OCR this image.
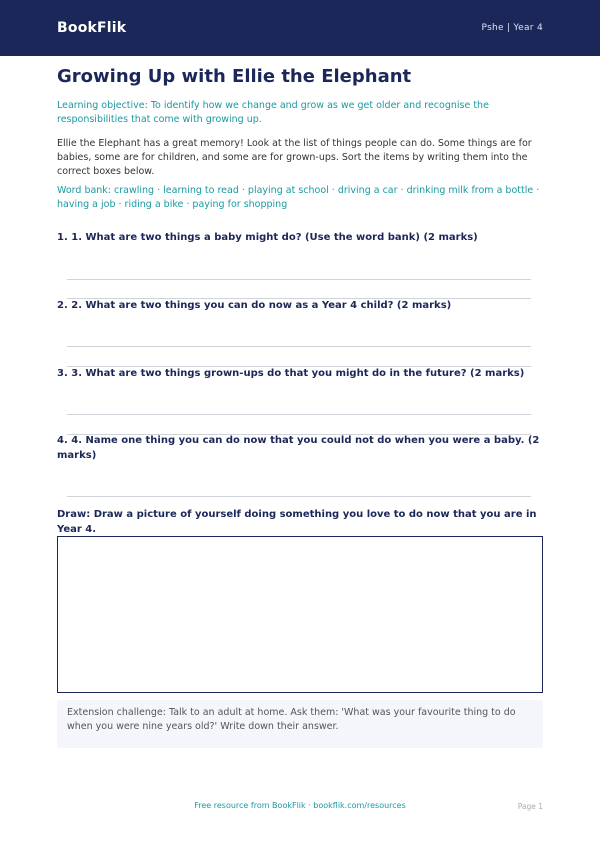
BookFlik	Pshe | Year 4
Growing Up with Ellie the Elephant

Learning objective: To identify how we change and grow as we get older and recognise the responsibilities that come with growing up.

Ellie the Elephant has a great memory! Look at the list of things people can do. Some things are for babies, some are for children, and some are for grown-ups. Sort the items by writing them into the correct boxes below.

Word bank: crawling · learning to read · playing at school · driving a car · drinking milk from a bottle · having a job · riding a bike · paying for shopping

1. 1. What are two things a baby might do? (Use the word bank) (2 marks)

2. 2. What are two things you can do now as a Year 4 child? (2 marks)

3. 3. What are two things grown-ups do that you might do in the future? (2 marks)

4. 4. Name one thing you can do now that you could not do when you were a baby. (2 marks)

Draw: Draw a picture of yourself doing something you love to do now that you are in Year 4.

Extension challenge: Talk to an adult at home. Ask them: 'What was your favourite thing to do when you were nine years old?' Write down their answer.
Free resource from BookFlik · bookflik.com/resources	Page 1
